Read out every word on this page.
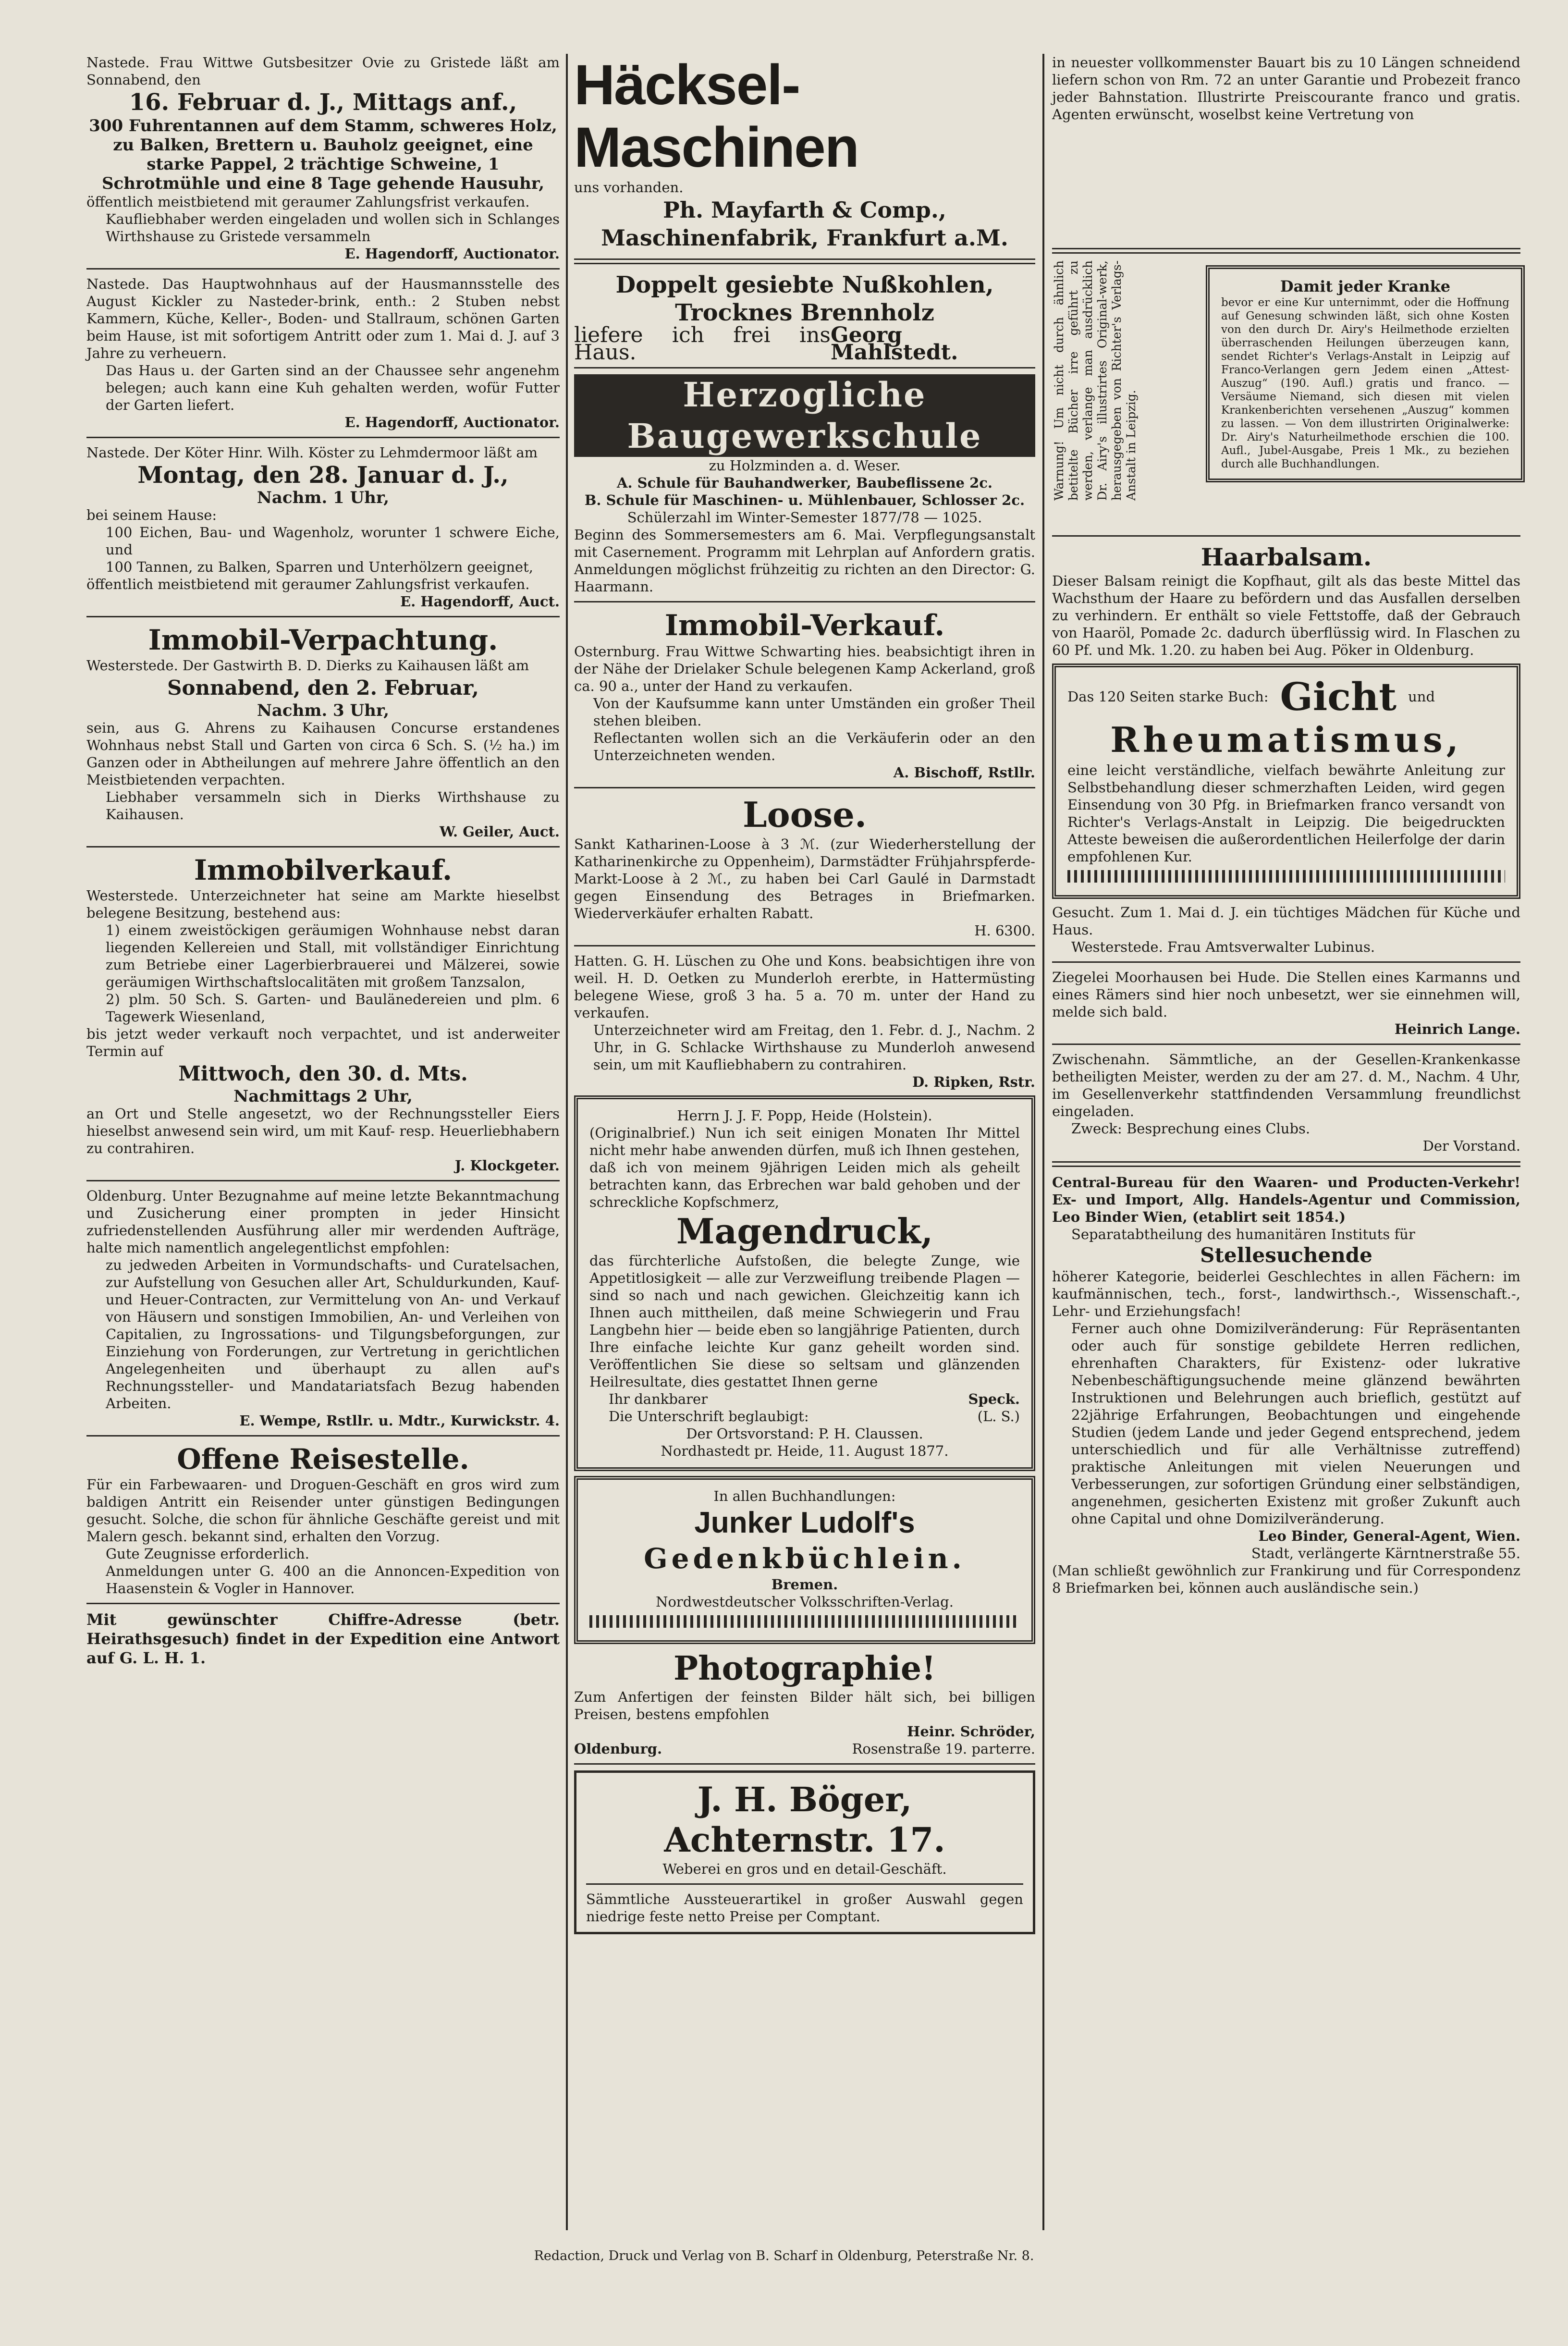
Nastede. Frau Wittwe Gutsbesitzer Ovie zu Gristede läßt am Sonnabend, den

16. Februar d. J., Mittags anf.,

300 Fuhrentannen auf dem Stamm, schweres Holz, zu Balken, Brettern u. Bauholz geeignet, eine starke Pappel, 2 trächtige Schweine, 1 Schrotmühle und eine 8 Tage gehende Hausuhr,

öffentlich meistbietend mit geraumer Zahlungsfrist verkaufen.

Kaufliebhaber werden eingeladen und wollen sich in Schlanges Wirthshause zu Gristede versammeln

E. Hagendorff, Auctionator.

Nastede. Das Hauptwohnhaus auf der Hausmannsstelle des August Kickler zu Nasteder-brink, enth.: 2 Stuben nebst Kammern, Küche, Keller-, Boden- und Stallraum, schönen Garten beim Hause, ist mit sofortigem Antritt oder zum 1. Mai d. J. auf 3 Jahre zu verheuern.

Das Haus u. der Garten sind an der Chaussee sehr angenehm belegen; auch kann eine Kuh gehalten werden, wofür Futter der Garten liefert.

E. Hagendorff, Auctionator.

Nastede. Der Köter Hinr. Wilh. Köster zu Lehmdermoor läßt am

Montag, den 28. Januar d. J.,

Nachm. 1 Uhr,

bei seinem Hause:

100 Eichen, Bau- und Wagenholz, worunter 1 schwere Eiche, und

100 Tannen, zu Balken, Sparren und Unterhölzern geeignet,

öffentlich meistbietend mit geraumer Zahlungsfrist verkaufen.

E. Hagendorff, Auct.

Immobil-Verpachtung.

Westerstede. Der Gastwirth B. D. Dierks zu Kaihausen läßt am

Sonnabend, den 2. Februar,

Nachm. 3 Uhr,

sein, aus G. Ahrens zu Kaihausen Concurse erstandenes Wohnhaus nebst Stall und Garten von circa 6 Sch. S. (½ ha.) im Ganzen oder in Abtheilungen auf mehrere Jahre öffentlich an den Meistbietenden verpachten.

Liebhaber versammeln sich in Dierks Wirthshause zu Kaihausen.

W. Geiler, Auct.

Immobilverkauf.

Westerstede. Unterzeichneter hat seine am Markte hieselbst belegene Besitzung, bestehend aus:

1) einem zweistöckigen geräumigen Wohnhause nebst daran liegenden Kellereien und Stall, mit vollständiger Einrichtung zum Betriebe einer Lagerbierbrauerei und Mälzerei, sowie geräumigen Wirthschaftslocalitäten mit großem Tanzsalon,

2) plm. 50 Sch. S. Garten- und Baulänedereien und plm. 6 Tagewerk Wiesenland,

bis jetzt weder verkauft noch verpachtet, und ist anderweiter Termin auf

Mittwoch, den 30. d. Mts.

Nachmittags 2 Uhr,

an Ort und Stelle angesetzt, wo der Rechnungssteller Eiers hieselbst anwesend sein wird, um mit Kauf- resp. Heuerliebhabern zu contrahiren.

J. Klockgeter.

Oldenburg. Unter Bezugnahme auf meine letzte Bekanntmachung und Zusicherung einer prompten in jeder Hinsicht zufriedenstellenden Ausführung aller mir werdenden Aufträge, halte mich namentlich angelegentlichst empfohlen:

zu jedweden Arbeiten in Vormundschafts- und Curatelsachen, zur Aufstellung von Gesuchen aller Art, Schuldurkunden, Kauf- und Heuer-Contracten, zur Vermittelung von An- und Verkauf von Häusern und sonstigen Immobilien, An- und Verleihen von Capitalien, zu Ingrossations- und Tilgungsbeforgungen, zur Einziehung von Forderungen, zur Vertretung in gerichtlichen Angelegenheiten und überhaupt zu allen auf's Rechnungssteller- und Mandatariatsfach Bezug habenden Arbeiten.

E. Wempe, Rstllr. u. Mdtr., Kurwickstr. 4.

Offene Reisestelle.

Für ein Farbewaaren- und Droguen-Geschäft en gros wird zum baldigen Antritt ein Reisender unter günstigen Bedingungen gesucht. Solche, die schon für ähnliche Geschäfte gereist und mit Malern gesch. bekannt sind, erhalten den Vorzug.

Gute Zeugnisse erforderlich.

Anmeldungen unter G. 400 an die Annoncen-Expedition von Haasenstein & Vogler in Hannover.

Mit gewünschter Chiffre-Adresse (betr. Heirathsgesuch) findet in der Expedition eine Antwort auf G. L. H. 1.

Häcksel-Maschinen

uns vorhanden.

Ph. Mayfarth & Comp., Maschinenfabrik, Frankfurt a.M.

Doppelt gesiebte Nußkohlen, Trocknes Brennholz

liefere ich frei ins Haus.
Georg Mahlstedt.

Herzogliche Baugewerkschule

zu Holzminden a. d. Weser.

A. Schule für Bauhandwerker, Baubeflissene 2c.

B. Schule für Maschinen- u. Mühlenbauer, Schlosser 2c.

Schülerzahl im Winter-Semester 1877/78 — 1025.

Beginn des Sommersemesters am 6. Mai. Verpflegungsanstalt mit Casernement. Programm mit Lehrplan auf Anfordern gratis. Anmeldungen möglichst frühzeitig zu richten an den Director: G. Haarmann.

Immobil-Verkauf.

Osternburg. Frau Wittwe Schwarting hies. beabsichtigt ihren in der Nähe der Drielaker Schule belegenen Kamp Ackerland, groß ca. 90 a., unter der Hand zu verkaufen.

Von der Kaufsumme kann unter Umständen ein großer Theil stehen bleiben.

Reflectanten wollen sich an die Verkäuferin oder an den Unterzeichneten wenden.

A. Bischoff, Rstllr.

Loose.

Sankt Katharinen-Loose à 3 ℳ. (zur Wiederherstellung der Katharinenkirche zu Oppenheim), Darmstädter Frühjahrspferde-Markt-Loose à 2 ℳ., zu haben bei Carl Gaulé in Darmstadt gegen Einsendung des Betrages in Briefmarken. Wiederverkäufer erhalten Rabatt.

H. 6300.

Hatten. G. H. Lüschen zu Ohe und Kons. beabsichtigen ihre von weil. H. D. Oetken zu Munderloh ererbte, in Hattermüsting belegene Wiese, groß 3 ha. 5 a. 70 m. unter der Hand zu verkaufen.

Unterzeichneter wird am Freitag, den 1. Febr. d. J., Nachm. 2 Uhr, in G. Schlacke Wirthshause zu Munderloh anwesend sein, um mit Kaufliebhabern zu contrahiren.

D. Ripken, Rstr.

Herrn J. J. F. Popp, Heide (Holstein).

(Originalbrief.) Nun ich seit einigen Monaten Ihr Mittel nicht mehr habe anwenden dürfen, muß ich Ihnen gestehen, daß ich von meinem 9jährigen Leiden mich als geheilt betrachten kann, das Erbrechen war bald gehoben und der schreckliche Kopfschmerz,

Magendruck,

das fürchterliche Aufstoßen, die belegte Zunge, wie Appetitlosigkeit — alle zur Verzweiflung treibende Plagen — sind so nach und nach gewichen. Gleichzeitig kann ich Ihnen auch mittheilen, daß meine Schwiegerin und Frau Langbehn hier — beide eben so langjährige Patienten, durch Ihre einfache leichte Kur ganz geheilt worden sind. Veröffentlichen Sie diese so seltsam und glänzenden Heilresultate, dies gestattet Ihnen gerne

Ihr dankbarer	Speck.
Die Unterschrift beglaubigt:	(L. S.)

Der Ortsvorstand: P. H. Claussen.

Nordhastedt pr. Heide, 11. August 1877.

In allen Buchhandlungen:

Junker Ludolf's

Gedenkbüchlein.

Bremen.

Nordwestdeutscher Volksschriften-Verlag.

Photographie!

Zum Anfertigen der feinsten Bilder hält sich, bei billigen Preisen, bestens empfohlen

Heinr. Schröder,

Oldenburg.	Rosenstraße 19. parterre.

J. H. Böger, Achternstr. 17.

Weberei en gros und en detail-Geschäft.

Sämmtliche Aussteuerartikel in großer Auswahl gegen niedrige feste netto Preise per Comptant.

in neuester vollkommenster Bauart bis zu 10 Längen schneidend liefern schon von Rm. 72 an unter Garantie und Probezeit franco jeder Bahnstation. Illustrirte Preiscourante franco und gratis. Agenten erwünscht, woselbst keine Vertretung von

Warnung! Um nicht durch ähnlich betitelte Bücher irre geführt zu werden, verlange man ausdrücklich Dr. Airy's illustrirtes Original-werk, herausgegeben von Richter's Verlags-Anstalt in Leipzig.

Damit jeder Kranke

bevor er eine Kur unternimmt, oder die Hoffnung auf Genesung schwinden läßt, sich ohne Kosten von den durch Dr. Airy's Heilmethode erzielten überraschenden Heilungen überzeugen kann, sendet Richter's Verlags-Anstalt in Leipzig auf Franco-Verlangen gern Jedem einen „Attest-Auszug“ (190. Aufl.) gratis und franco. — Versäume Niemand, sich diesen mit vielen Krankenberichten versehenen „Auszug“ kommen zu lassen. — Von dem illustrirten Originalwerke: Dr. Airy's Naturheilmethode erschien die 100. Aufl., Jubel-Ausgabe, Preis 1 Mk., zu beziehen durch alle Buchhandlungen.

Haarbalsam.

Dieser Balsam reinigt die Kopfhaut, gilt als das beste Mittel das Wachsthum der Haare zu befördern und das Ausfallen derselben zu verhindern. Er enthält so viele Fettstoffe, daß der Gebrauch von Haaröl, Pomade 2c. dadurch überflüssig wird. In Flaschen zu 60 Pf. und Mk. 1.20. zu haben bei Aug. Pöker in Oldenburg.

Das 120 Seiten starke Buch: Gicht und

Rheumatismus,

eine leicht verständliche, vielfach bewährte Anleitung zur Selbstbehandlung dieser schmerzhaften Leiden, wird gegen Einsendung von 30 Pfg. in Briefmarken franco versandt von Richter's Verlags-Anstalt in Leipzig. Die beigedruckten Atteste beweisen die außerordentlichen Heilerfolge der darin empfohlenen Kur.

Gesucht. Zum 1. Mai d. J. ein tüchtiges Mädchen für Küche und Haus.

Westerstede. Frau Amtsverwalter Lubinus.

Ziegelei Moorhausen bei Hude. Die Stellen eines Karmanns und eines Rämers sind hier noch unbesetzt, wer sie einnehmen will, melde sich bald.

Heinrich Lange.

Zwischenahn. Sämmtliche, an der Gesellen-Krankenkasse betheiligten Meister, werden zu der am 27. d. M., Nachm. 4 Uhr, im Gesellenverkehr stattfindenden Versammlung freundlichst eingeladen.

Zweck: Besprechung eines Clubs.

Der Vorstand.

Central-Bureau für den Waaren- und Producten-Verkehr! Ex- und Import, Allg. Handels-Agentur und Commission, Leo Binder Wien, (etablirt seit 1854.)

Separatabtheilung des humanitären Instituts für

Stellesuchende

höherer Kategorie, beiderlei Geschlechtes in allen Fächern: im kaufmännischen, tech., forst-, landwirthsch.-, Wissenschaft.-, Lehr- und Erziehungsfach!

Ferner auch ohne Domizilveränderung: Für Repräsentanten oder auch für sonstige gebildete Herren redlichen, ehrenhaften Charakters, für Existenz- oder lukrative Nebenbeschäftigungsuchende meine glänzend bewährten Instruktionen und Belehrungen auch brieflich, gestützt auf 22jährige Erfahrungen, Beobachtungen und eingehende Studien (jedem Lande und jeder Gegend entsprechend, jedem unterschiedlich und für alle Verhältnisse zutreffend) praktische Anleitungen mit vielen Neuerungen und Verbesserungen, zur sofortigen Gründung einer selbständigen, angenehmen, gesicherten Existenz mit großer Zukunft auch ohne Capital und ohne Domizilveränderung.

Leo Binder, General-Agent, Wien.

Stadt, verlängerte Kärntnerstraße 55.

(Man schließt gewöhnlich zur Frankirung und für Correspondenz 8 Briefmarken bei, können auch ausländische sein.)

Redaction, Druck und Verlag von B. Scharf in Oldenburg, Peterstraße Nr. 8.
